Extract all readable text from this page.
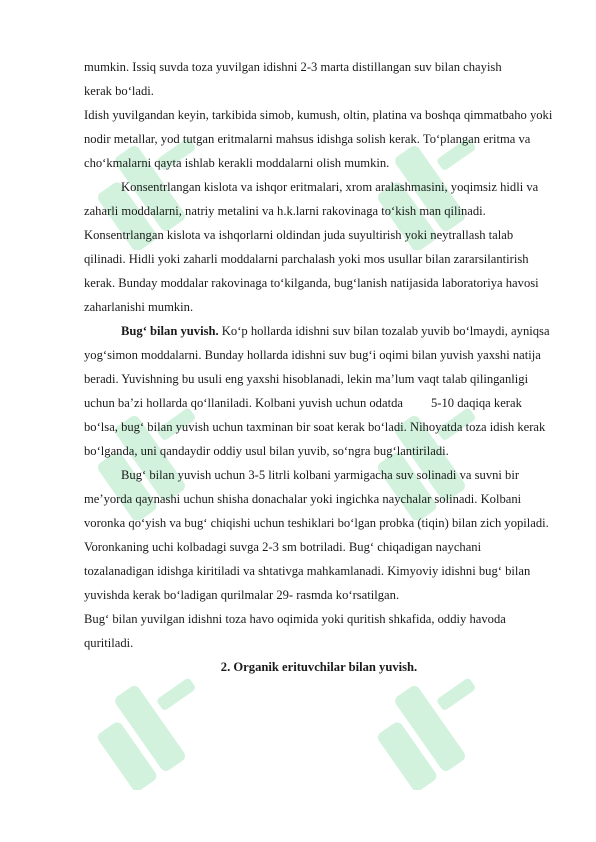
mumkin. Issiq suvda toza yuvilgan idishni 2-3 marta distillangan suv bilan chayish

kerak bo‘ladi.

Idish yuvilgandan keyin, tarkibida simob, kumush, oltin, platina va boshqa qimmatbaho yoki nodir metallar, yod tutgan eritmalarni mahsus idishga solish kerak. To‘plangan eritma va cho‘kmalarni qayta ishlab kerakli moddalarni olish mumkin.

Konsentrlangan kislota va ishqor eritmalari, xrom aralashmasini, yoqimsiz hidli va zaharli moddalarni, natriy metalini va h.k.larni rakovinaga to‘kish man qilinadi. Konsentrlangan kislota va ishqorlarni oldindan juda suyultirish yoki neytrallash talab qilinadi. Hidli yoki zaharli moddalarni parchalash yoki mos usullar bilan zararsilantirish kerak. Bunday moddalar rakovinaga to‘kilganda, bug‘lanish natijasida laboratoriya havosi zaharlanishi mumkin.

Bug‘ bilan yuvish. Ko‘p hollarda idishni suv bilan tozalab yuvib bo‘lmaydi, ayniqsa yog‘simon moddalarni. Bunday hollarda idishni suv bug‘i oqimi bilan yuvish yaxshi natija beradi. Yuvishning bu usuli eng yaxshi hisoblanadi, lekin ma’lum vaqt talab qilinganligi uchun ba’zi hollarda qo‘llaniladi. Kolbani yuvish uchun odatda 5-10 daqiqa kerak bo‘lsa, bug‘ bilan yuvish uchun taxminan bir soat kerak bo‘ladi. Nihoyatda toza idish kerak bo‘lganda, uni qandaydir oddiy usul bilan yuvib, so‘ngra bug‘lantiriladi.

Bug‘ bilan yuvish uchun 3-5 litrli kolbani yarmigacha suv solinadi va suvni bir me’yorda qaynashi uchun shisha donachalar yoki ingichka naychalar solinadi. Kolbani voronka qo‘yish va bug‘ chiqishi uchun teshiklari bo‘lgan probka (tiqin) bilan zich yopiladi. Voronkaning uchi kolbadagi suvga 2-3 sm botriladi. Bug‘ chiqadigan naychani tozalanadigan idishga kiritiladi va shtativga mahkamlanadi. Kimyoviy idishni bug‘ bilan yuvishda kerak bo‘ladigan qurilmalar 29- rasmda ko‘rsatilgan.

Bug‘ bilan yuvilgan idishni toza havo oqimida yoki quritish shkafida, oddiy havoda quritiladi.

2. Organik erituvchilar bilan yuvish.
